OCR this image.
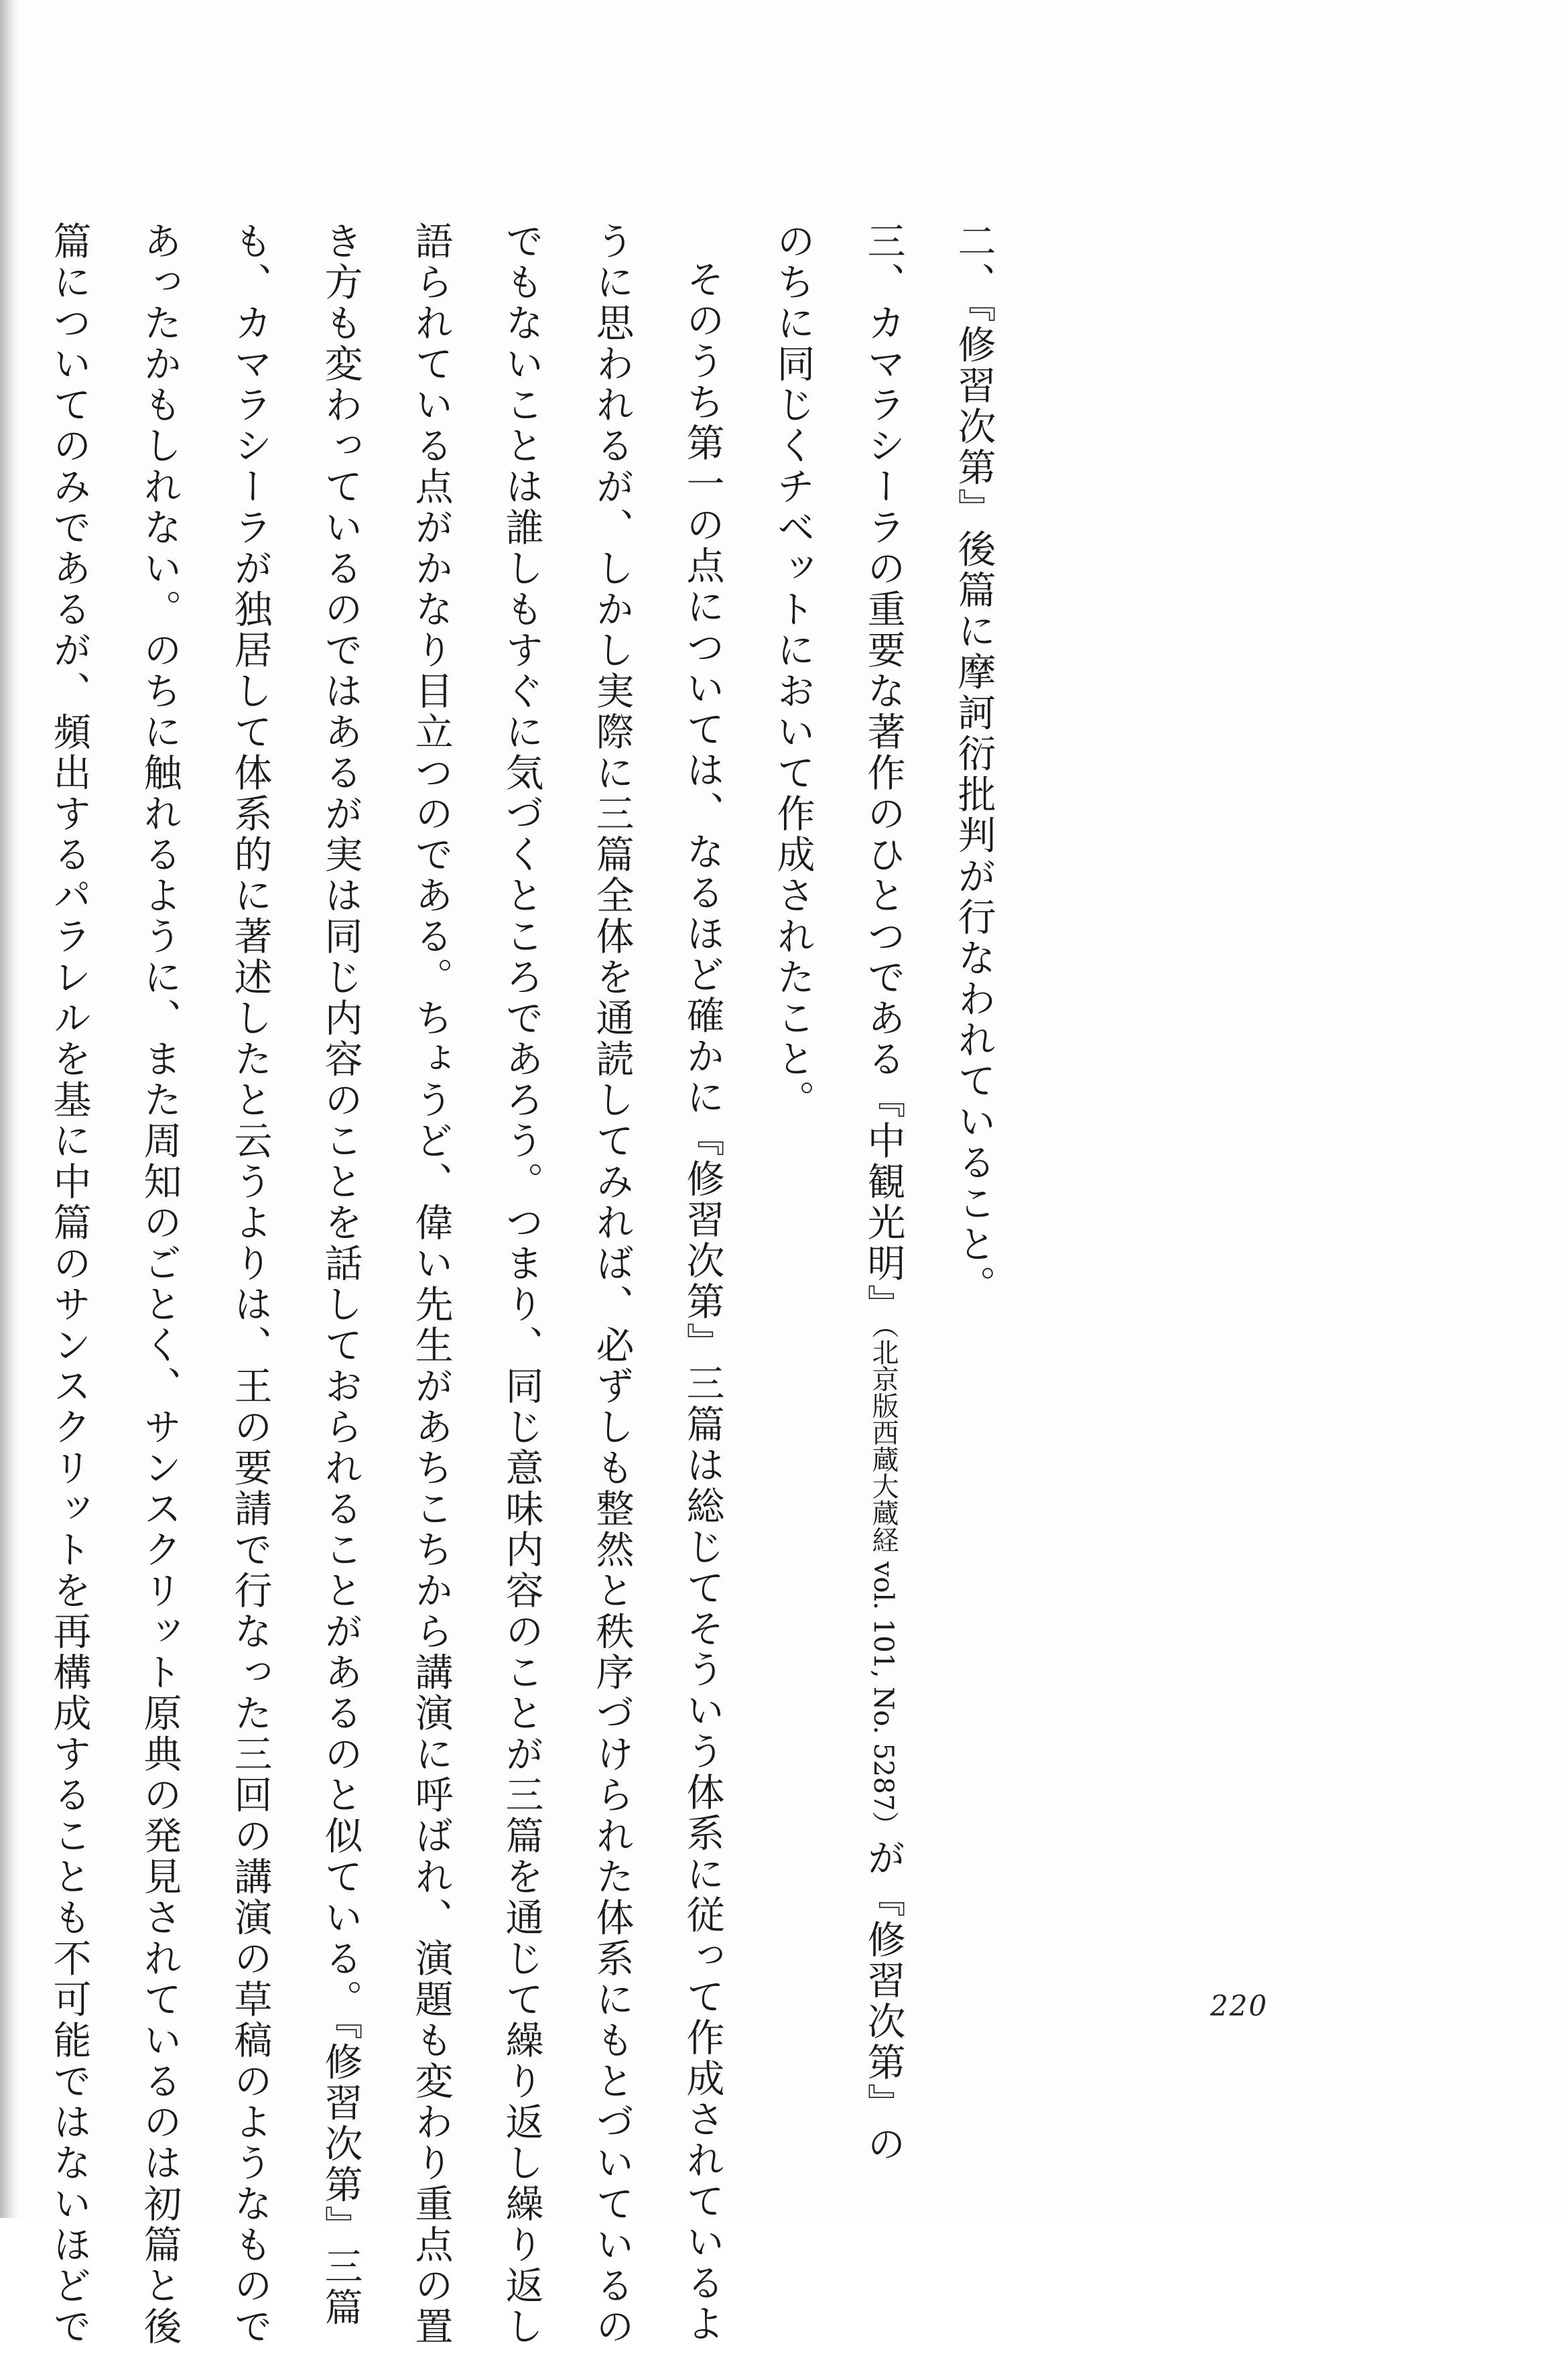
二、『修習次第』後篇に摩訶衍批判が行なわれていること。
三、カマラシーラの重要な著作のひとつである『中観光明』（北京版西蔵大蔵経 vol. 101, No. 5287）が『修習次第』の
のちに同じくチベットにおいて作成されたこと。
そのうち第一の点については、なるほど確かに『修習次第』三篇は総じてそういう体系に従って作成されているよ
うに思われるが、しかし実際に三篇全体を通読してみれば、必ずしも整然と秩序づけられた体系にもとづいているの
でもないことは誰しもすぐに気づくところであろう。つまり、同じ意味内容のことが三篇を通じて繰り返し繰り返し
語られている点がかなり目立つのである。ちょうど、偉い先生があちこちから講演に呼ばれ、演題も変わり重点の置
き方も変わっているのではあるが実は同じ内容のことを話しておられることがあるのと似ている。『修習次第』三篇
も、カマラシーラが独居して体系的に著述したと云うよりは、王の要請で行なった三回の講演の草稿のようなもので
あったかもしれない。のちに触れるように、また周知のごとく、サンスクリット原典の発見されているのは初篇と後
篇についてのみであるが、頻出するパラレルを基に中篇のサンスクリットを再構成することも不可能ではないほどで	220
